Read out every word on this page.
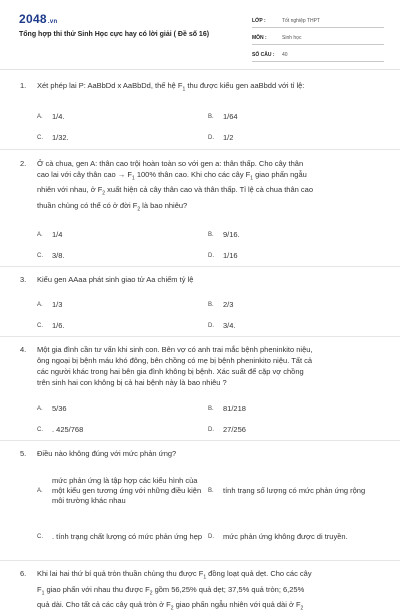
2048.vn
Tổng hợp thi thử Sinh Học cực hay có lời giải ( Đề số 16)
LỚP :	Tốt nghiệp THPT
MÔN :	Sinh học
SỐ CÂU :	40
1.	Xét phép lai P: AaBbDd x AaBbDd, thế hệ $F_1$ thu được kiểu gen aaBbdd với tỉ lệ:
A.	1/4.	B.	1/64
C.	1/32.	D.	1/2
2.	Ở cà chua, gen A: thân cao trội hoàn toàn so với gen a: thân thấp. Cho cây thân
cao lai với cây thân cao → $F_1$ 100% thân cao. Khi cho các cây $F_1$ giao phấn ngẫu
nhiên với nhau, ở $F_2$ xuất hiện cả cây thân cao và thân thấp. Tỉ lệ cà chua thân cao
thuần chủng có thể có ở đời $F_2$ là bao nhiêu?
A.	1/4	B.	9/16.
C.	3/8.	D.	1/16
3.	Kiểu gen AAaa phát sinh giao tử Aa chiếm tỷ lệ
A.	1/3	B.	2/3
C.	1/6.	D.	3/4.
4.	Một gia đình cần tư vấn khi sinh con. Bên vợ có anh trai mắc bệnh pheninkito niệu,
ông ngoại bị bệnh máu khó đông, bên chồng có mẹ bị bệnh pheninkito niệu. Tất cả
các người khác trong hai bên gia đình không bị bệnh. Xác suất để cặp vợ chồng
trên sinh hai con không bị cả hai bệnh này là bao nhiêu ?
A.	5/36	B.	81/218
C.	. 425/768	D.	27/256
5.	Điều nào không đúng với mức phản ứng?
A.
mức phản ứng là tập hợp các kiểu hình của một kiểu gen tương ứng với những điều kiện môi trường khác nhau
B.	tính trạng số lượng có mức phản ứng rộng
C.	. tính trạng chất lượng có mức phản ứng hẹp D.	mức phản ứng không được di truyền.
6.	Khi lai hai thứ bí quả tròn thuần chủng thu được $F_1$ đồng loạt quả dẹt. Cho các cây
$F_1$ giao phấn với nhau thu được $F_2$ gồm 56,25% quả dẹt; 37,5% quả tròn; 6,25%
quả dài. Cho tất cả các cây quả tròn ở $F_2$ giao phấn ngẫu nhiên với quả dài ở $F_2$
